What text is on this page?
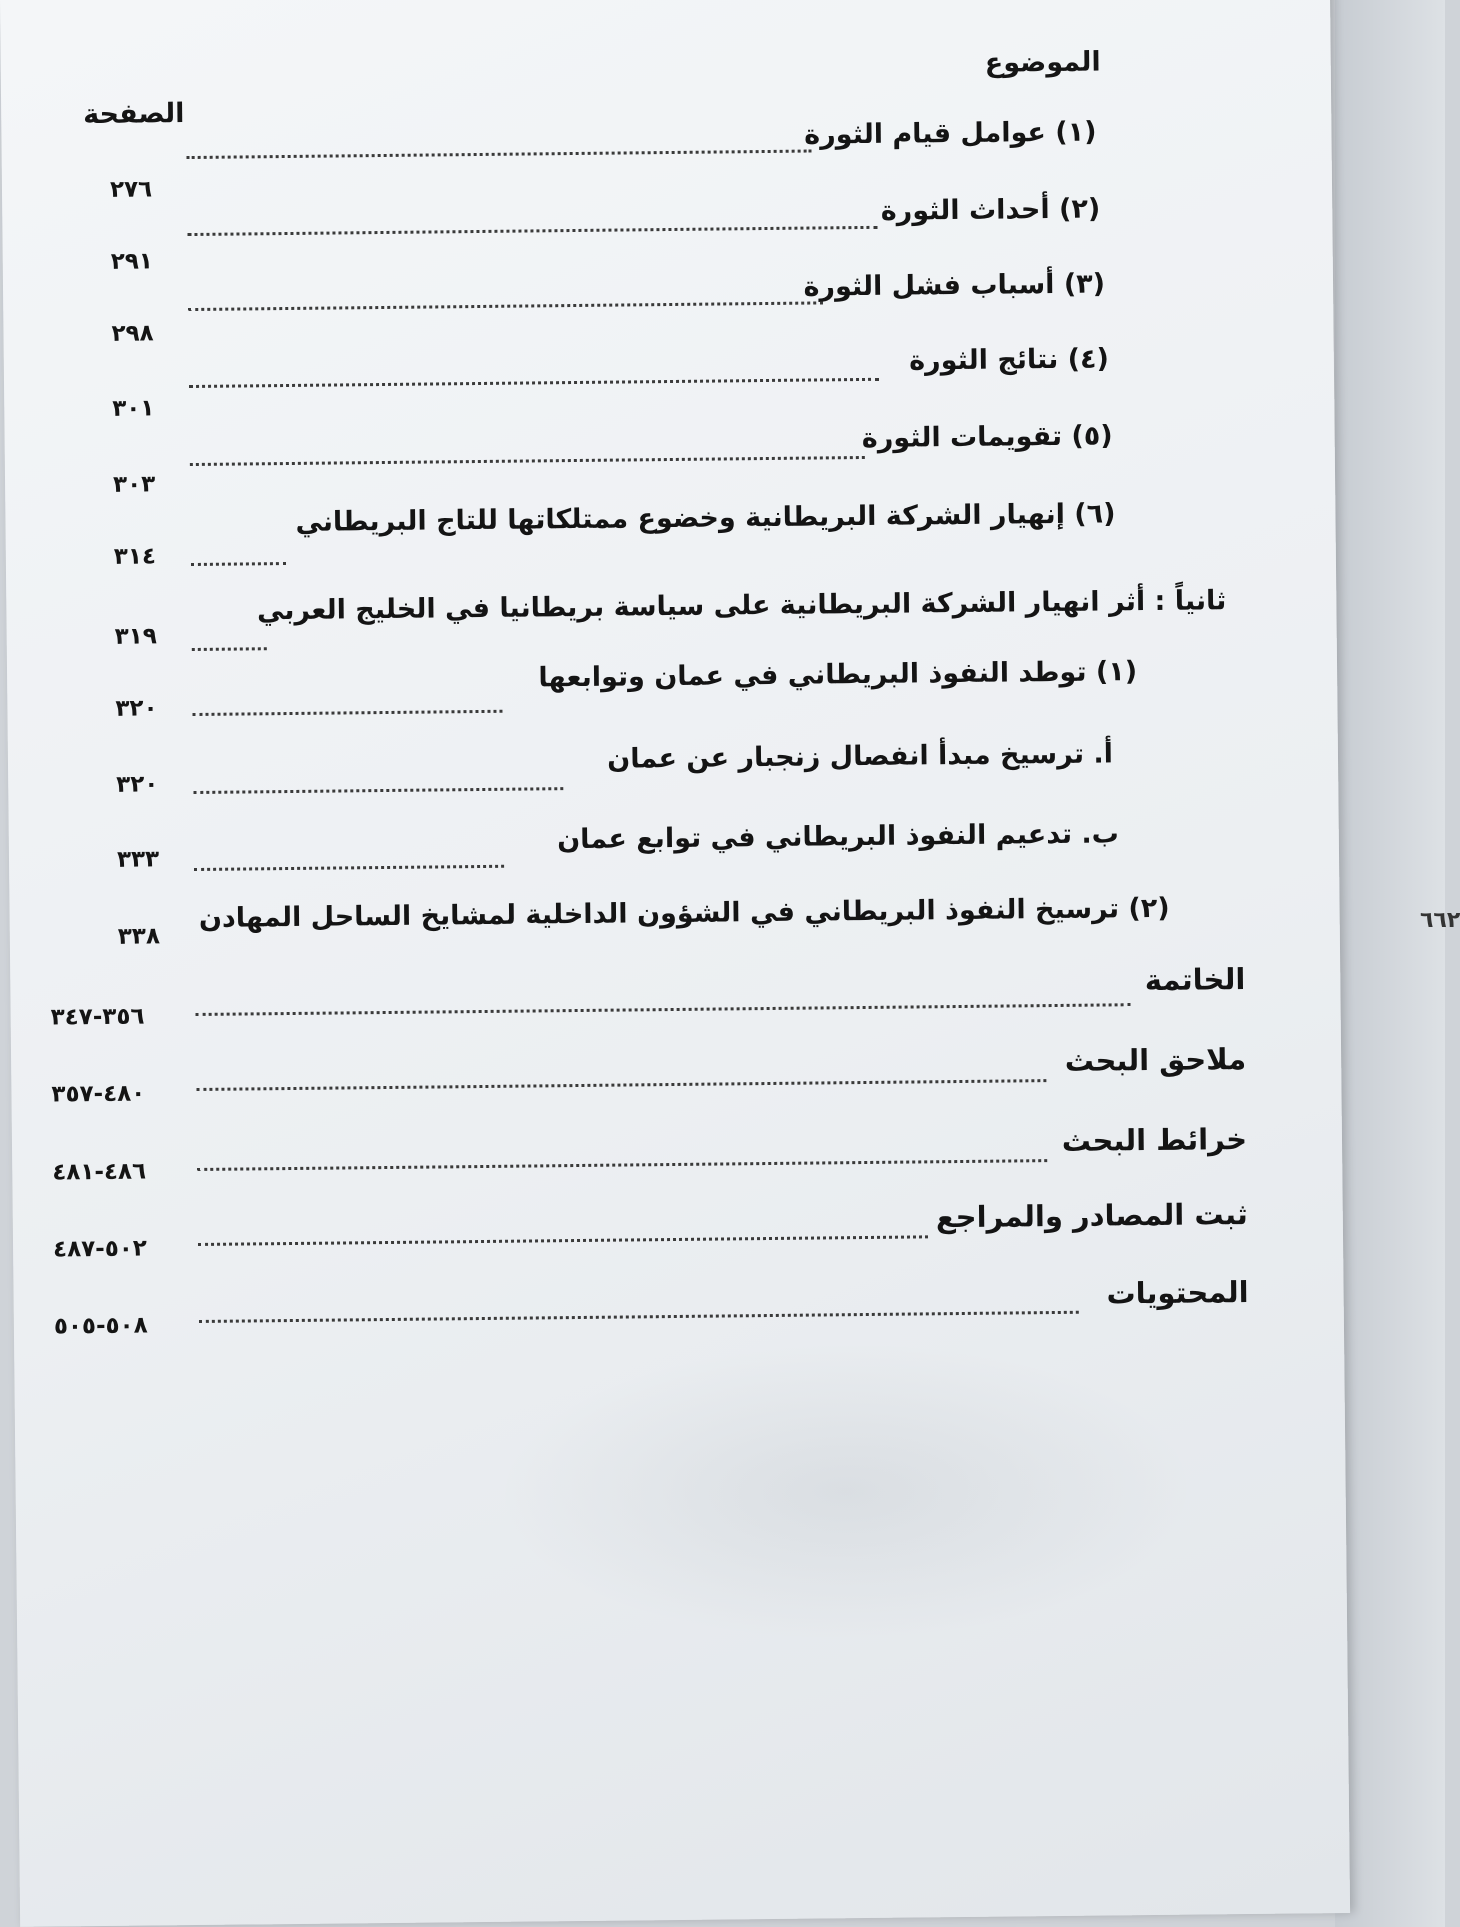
٦٦٢
الموضوع
الصفحة
(١) عوامل قيام الثورة
٢٧٦
(٢) أحداث الثورة
٢٩١
(٣) أسباب فشل الثورة
٢٩٨
(٤) نتائج الثورة
٣٠١
(٥) تقويمات الثورة
٣٠٣
(٦) إنهيار الشركة البريطانية وخضوع ممتلكاتها للتاج البريطاني
٣١٤
ثانياً : أثر انهيار الشركة البريطانية على سياسة بريطانيا في الخليج العربي
٣١٩
(١) توطد النفوذ البريطاني في عمان وتوابعها
٣٢٠
أ. ترسيخ مبدأ انفصال زنجبار عن عمان
٣٢٠
ب. تدعيم النفوذ البريطاني في توابع عمان
٣٣٣
(٢) ترسيخ النفوذ البريطاني في الشؤون الداخلية لمشايخ الساحل المهادن
٣٣٨
الخاتمة
٣٥٦-٣٤٧
ملاحق البحث
٤٨٠-٣٥٧
خرائط البحث
٤٨٦-٤٨١
ثبت المصادر والمراجع
٥٠٢-٤٨٧
المحتويات
٥٠٨-٥٠٥
